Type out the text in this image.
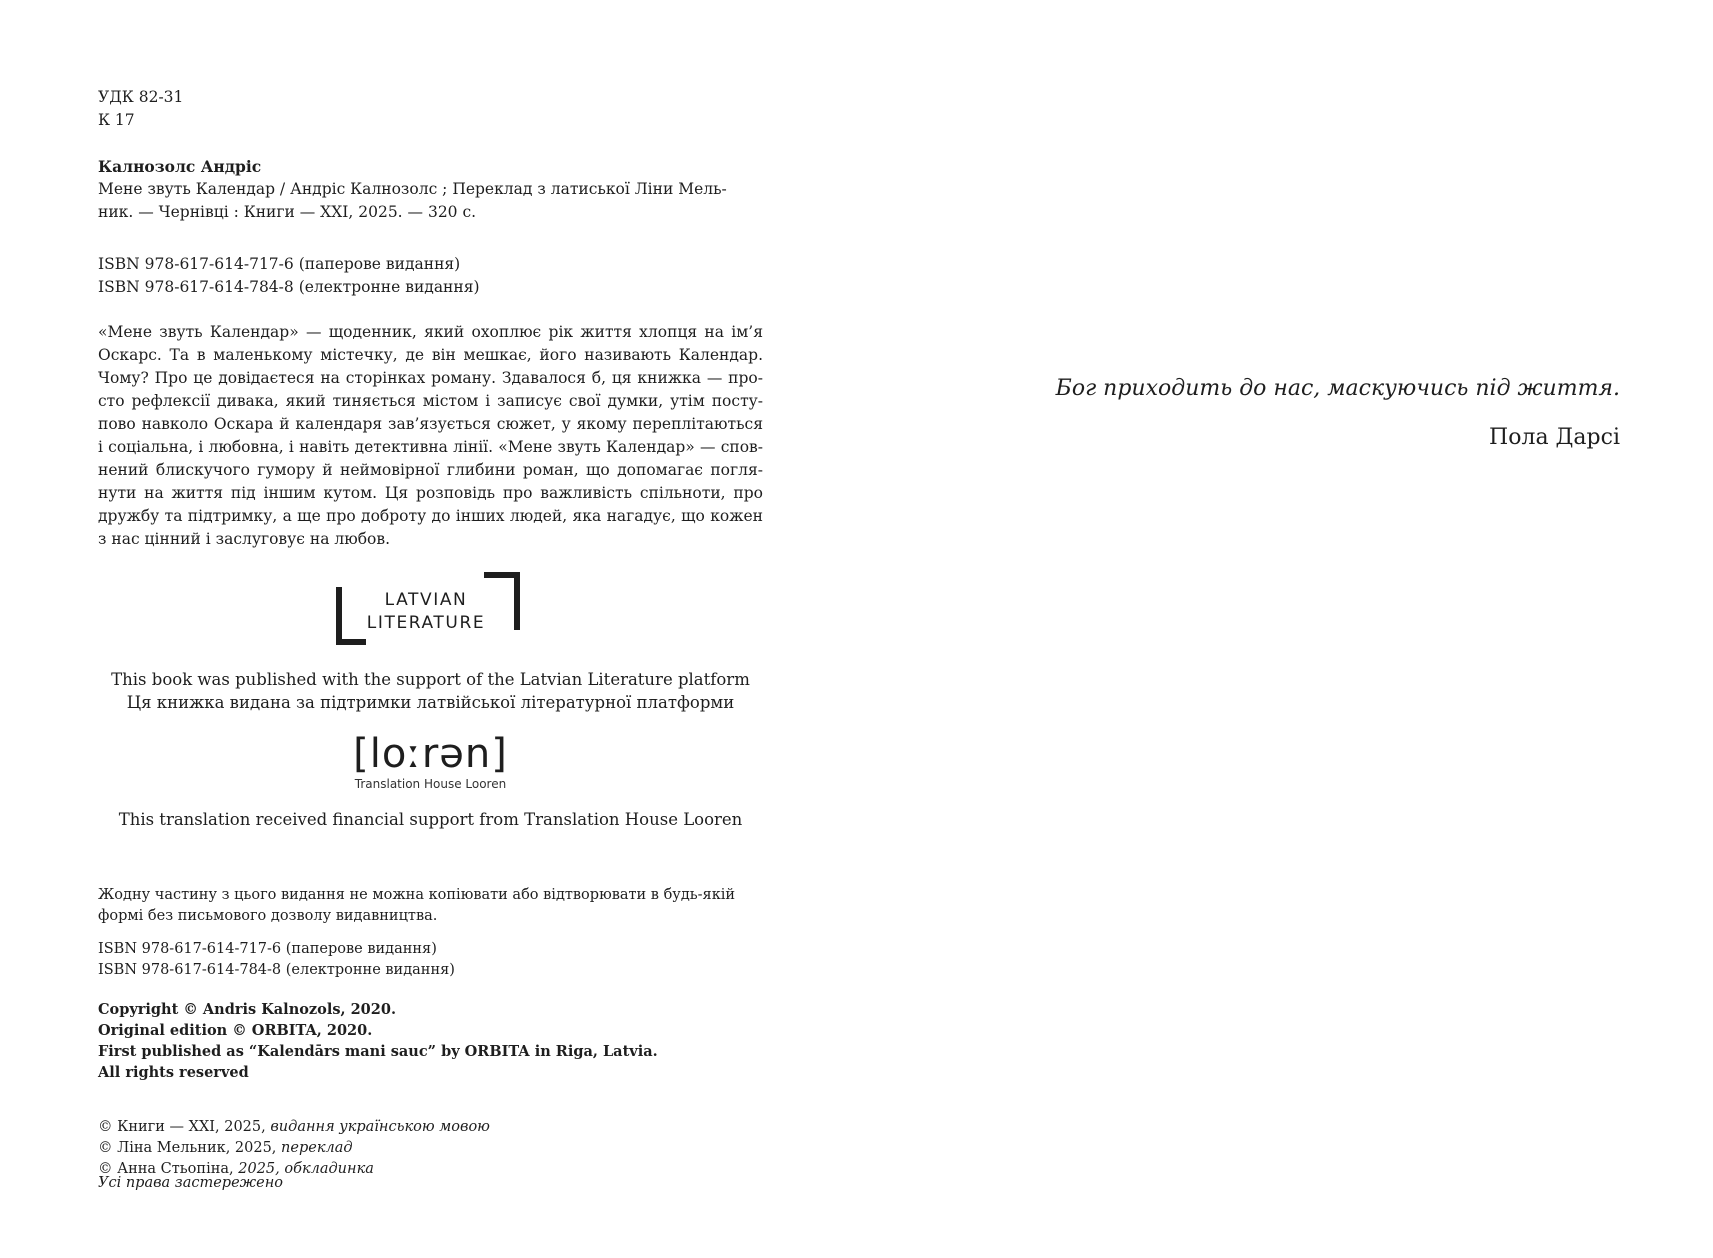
УДК 82-31
К 17
Калнозолс Андріс
Мене звуть Календар / Андріс Калнозолс ; Переклад з латиської Ліни Мель-
ник. — Чернівці : Книги — XXI, 2025. — 320 с.
ISBN 978-617-614-717-6 (паперове видання)
ISBN 978-617-614-784-8 (електронне видання)
«Мене звуть Календар» — щоденник, який охоплює рік життя хлопця на ім’я
Оскарс. Та в маленькому містечку, де він мешкає, його називають Календар.
Чому? Про це довідаєтеся на сторінках роману. Здавалося б, ця книжка — про-
сто рефлексії дивака, який тиняється містом і записує свої думки, утім посту-
пово навколо Оскара й календаря зав’язується сюжет, у якому переплітаються
і соціальна, і любовна, і навіть детективна лінії. «Мене звуть Календар» — спов-
нений блискучого гумору й неймовірної глибини роман, що допомагає погля-
нути на життя під іншим кутом. Ця розповідь про важливість спільноти, про
дружбу та підтримку, а ще про доброту до інших людей, яка нагадує, що кожен
з нас цінний і заслуговує на любов.
LATVIAN
LITERATURE
This book was published with the support of the Latvian Literature platform
Ця книжка видана за підтримки латвійської літературної платформи
[loːrən]
Translation House Looren
This translation received financial support from Translation House Looren
Жодну частину з цього видання не можна копіювати або відтворювати в будь-якій
формі без письмового дозволу видавництва.
ISBN 978-617-614-717-6 (паперове видання)
ISBN 978-617-614-784-8 (електронне видання)
Copyright © Andris Kalnozols, 2020.
Original edition © ORBITA, 2020.
First published as “Kalendārs mani sauc” by ORBITA in Riga, Latvia.
All rights reserved
© Книги — XXI, 2025, видання українською мовою
© Ліна Мельник, 2025, переклад
© Анна Стьопіна, 2025, обкладинка
Усі права застережено
Бог приходить до нас, маскуючись під життя.
Пола Дарсі
